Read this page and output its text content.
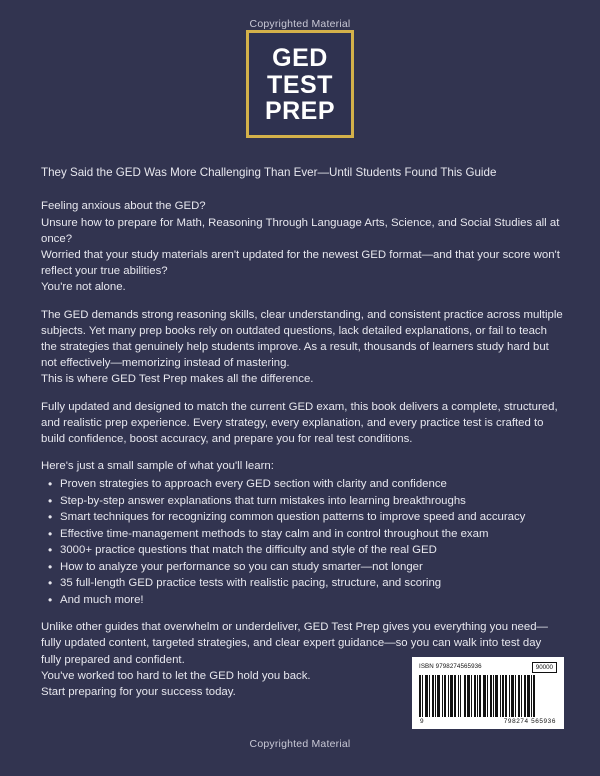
Copyrighted Material
GED
TEST
PREP

They Said the GED Was More Challenging Than Ever—Until Students Found This Guide

Feeling anxious about the GED?
Unsure how to prepare for Math, Reasoning Through Language Arts, Science, and Social Studies all at once?
Worried that your study materials aren't updated for the newest GED format—and that your score won't reflect your true abilities?
You're not alone.
The GED demands strong reasoning skills, clear understanding, and consistent practice across multiple subjects. Yet many prep books rely on outdated questions, lack detailed explanations, or fail to teach the strategies that genuinely help students improve. As a result, thousands of learners study hard but not effectively—memorizing instead of mastering.
This is where GED Test Prep makes all the difference.

Fully updated and designed to match the current GED exam, this book delivers a complete, structured, and realistic prep experience. Every strategy, every explanation, and every practice test is crafted to build confidence, boost accuracy, and prepare you for real test conditions.

Here's just a small sample of what you'll learn:

• Proven strategies to approach every GED section with clarity and confidence
• Step-by-step answer explanations that turn mistakes into learning breakthroughs
• Smart techniques for recognizing common question patterns to improve speed and accuracy
• Effective time-management methods to stay calm and in control throughout the exam
• 3000+ practice questions that match the difficulty and style of the real GED
• How to analyze your performance so you can study smarter—not longer
• 35 full-length GED practice tests with realistic pacing, structure, and scoring
• And much more!
Unlike other guides that overwhelm or underdeliver, GED Test Prep gives you everything you need—fully updated content, targeted strategies, and clear expert guidance—so you can walk into test day fully prepared and confident.
You've worked too hard to let the GED hold you back.
Start preparing for your success today.
ISBN 9798274565936	90000
9	798274 565936
Copyrighted Material
